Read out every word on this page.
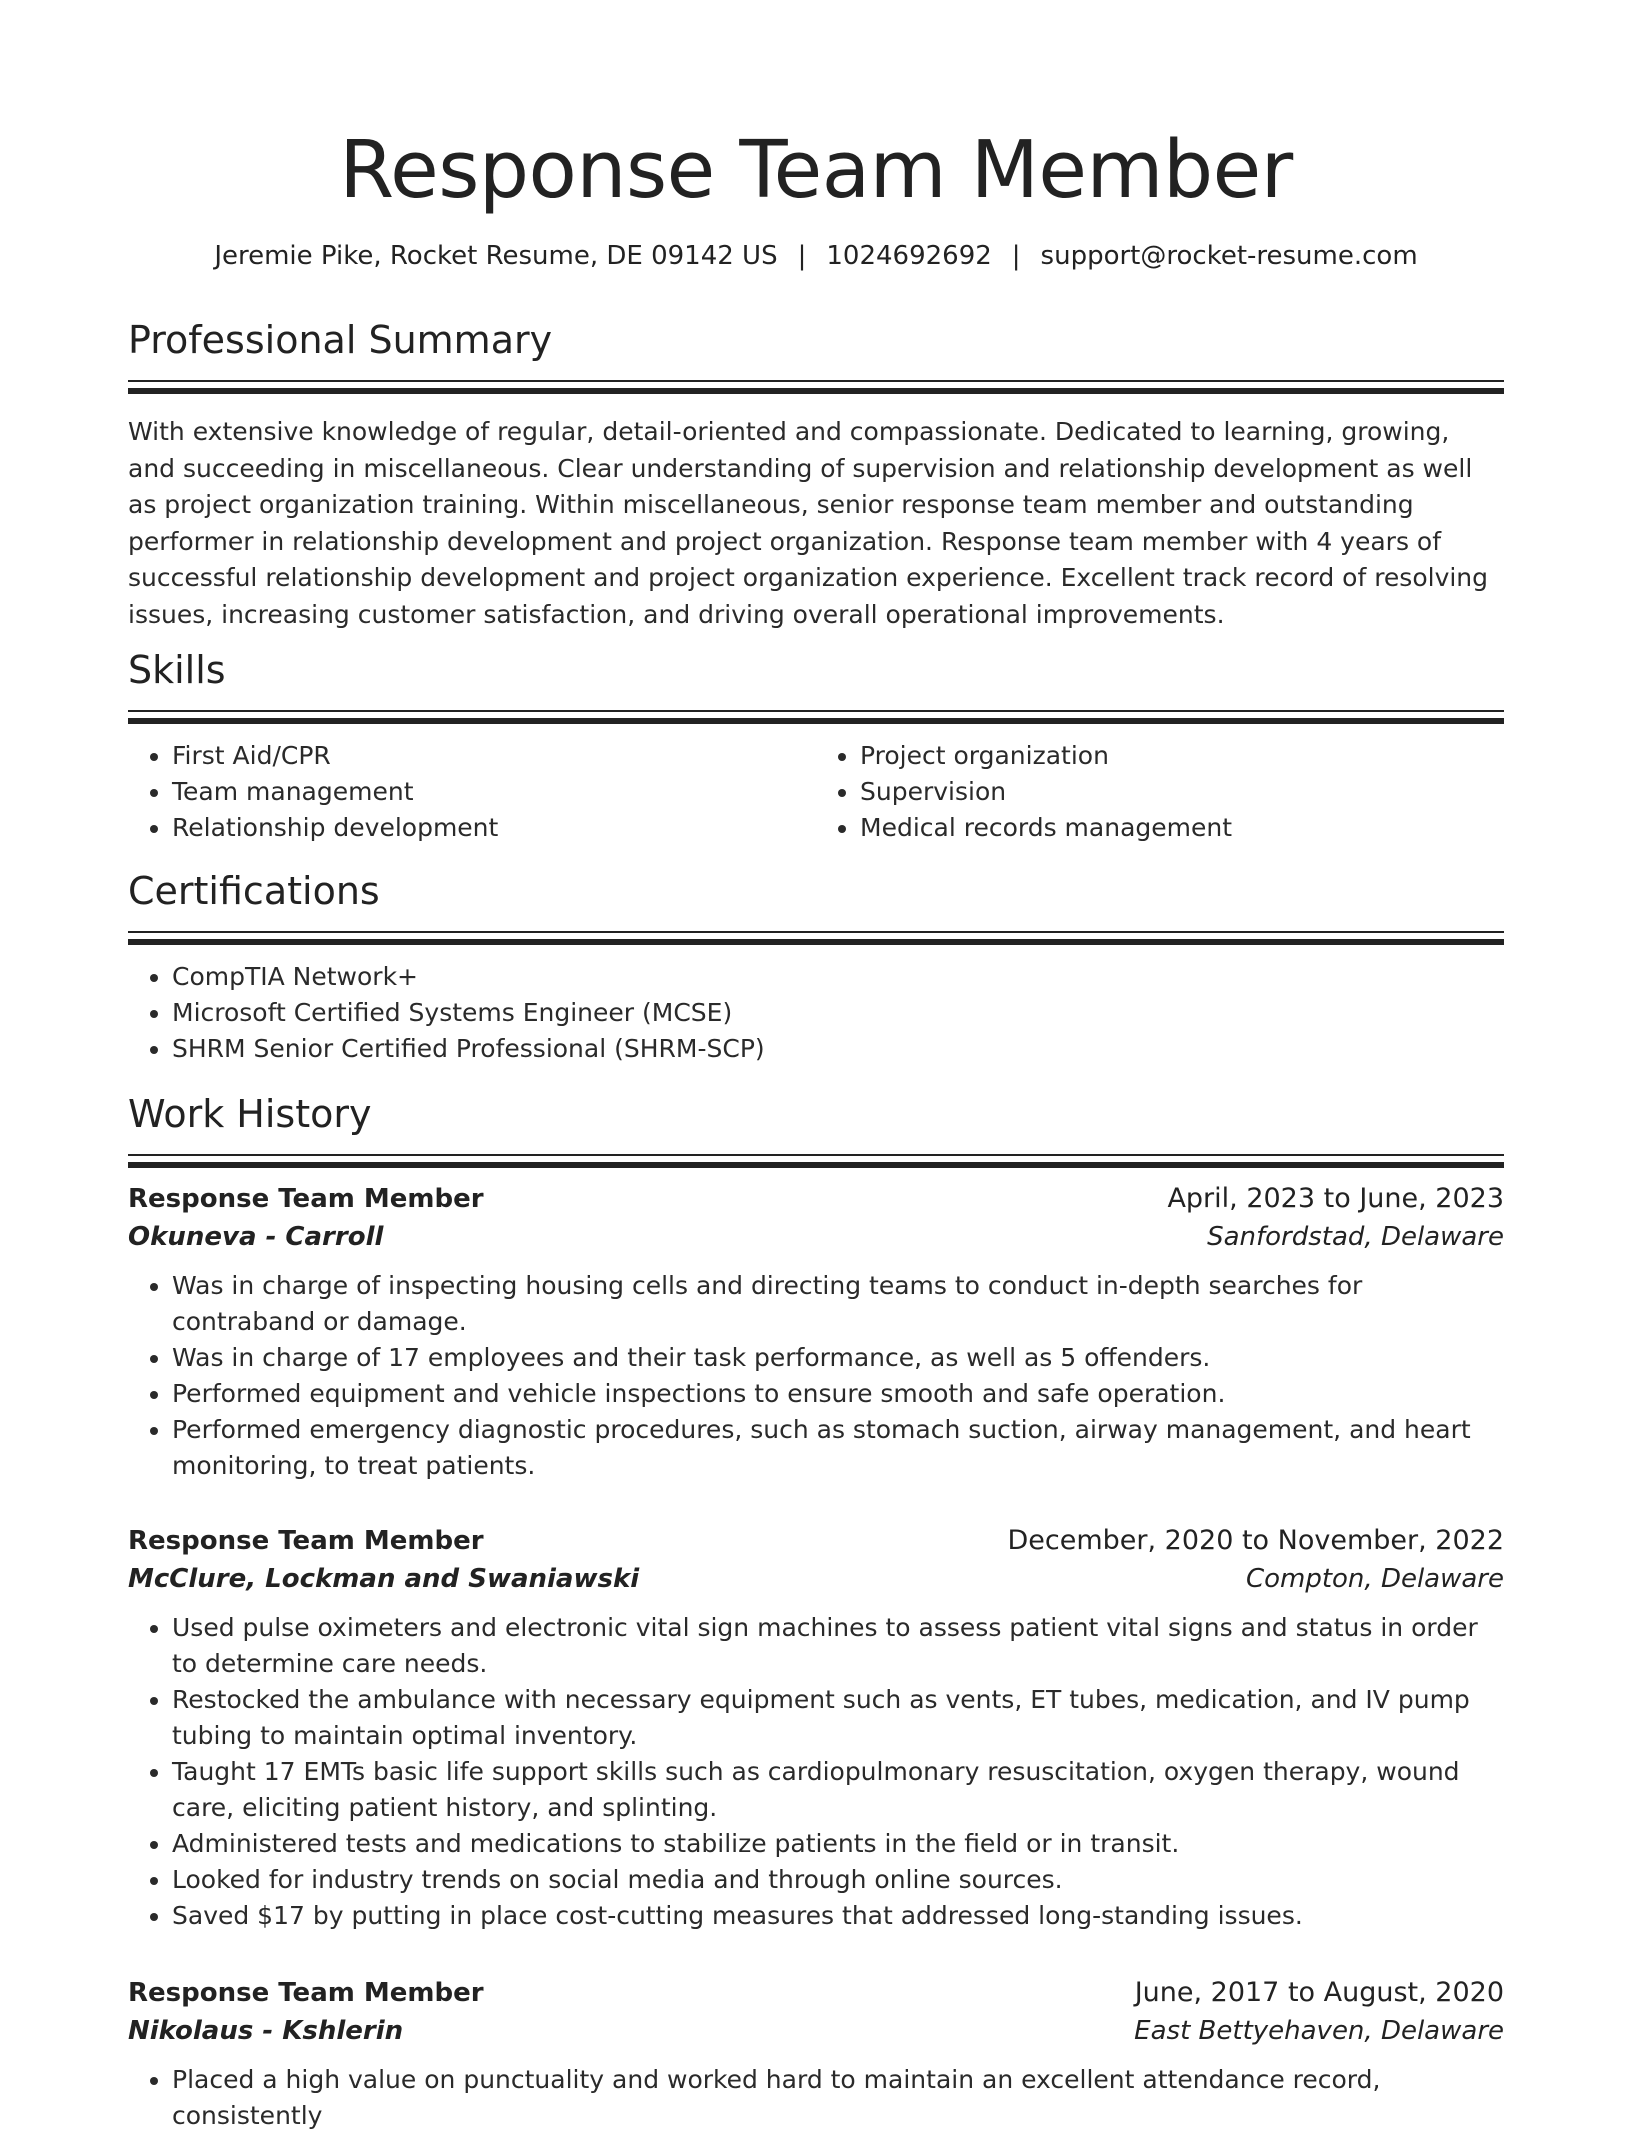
Response Team Member
Jeremie Pike, Rocket Resume, DE 09142 US | 1024692692 | support@rocket-resume.com
Professional Summary

With extensive knowledge of regular, detail-oriented and compassionate. Dedicated to learning, growing, and succeeding in miscellaneous. Clear understanding of supervision and relationship development as well as project organization training. Within miscellaneous, senior response team member and outstanding performer in relationship development and project organization. Response team member with 4 years of successful relationship development and project organization experience. Excellent track record of resolving issues, increasing customer satisfaction, and driving overall operational improvements.

Skills
• First Aid/CPR
• Team management
• Relationship development
• Project organization
• Supervision
• Medical records management
Certifications
• CompTIA Network+
• Microsoft Certified Systems Engineer (MCSE)
• SHRM Senior Certified Professional (SHRM-SCP)
Work History
Response Team Member	April, 2023 to June, 2023
Okuneva - Carroll	Sanfordstad, Delaware
• Was in charge of inspecting housing cells and directing teams to conduct in-depth searches for contraband or damage.
• Was in charge of 17 employees and their task performance, as well as 5 offenders.
• Performed equipment and vehicle inspections to ensure smooth and safe operation.
• Performed emergency diagnostic procedures, such as stomach suction, airway management, and heart monitoring, to treat patients.
Response Team Member	December, 2020 to November, 2022
McClure, Lockman and Swaniawski	Compton, Delaware
• Used pulse oximeters and electronic vital sign machines to assess patient vital signs and status in order to determine care needs.
• Restocked the ambulance with necessary equipment such as vents, ET tubes, medication, and IV pump tubing to maintain optimal inventory.
• Taught 17 EMTs basic life support skills such as cardiopulmonary resuscitation, oxygen therapy, wound care, eliciting patient history, and splinting.
• Administered tests and medications to stabilize patients in the field or in transit.
• Looked for industry trends on social media and through online sources.
• Saved $17 by putting in place cost-cutting measures that addressed long-standing issues.
Response Team Member	June, 2017 to August, 2020
Nikolaus - Kshlerin	East Bettyehaven, Delaware
• Placed a high value on punctuality and worked hard to maintain an excellent attendance record, consistently
